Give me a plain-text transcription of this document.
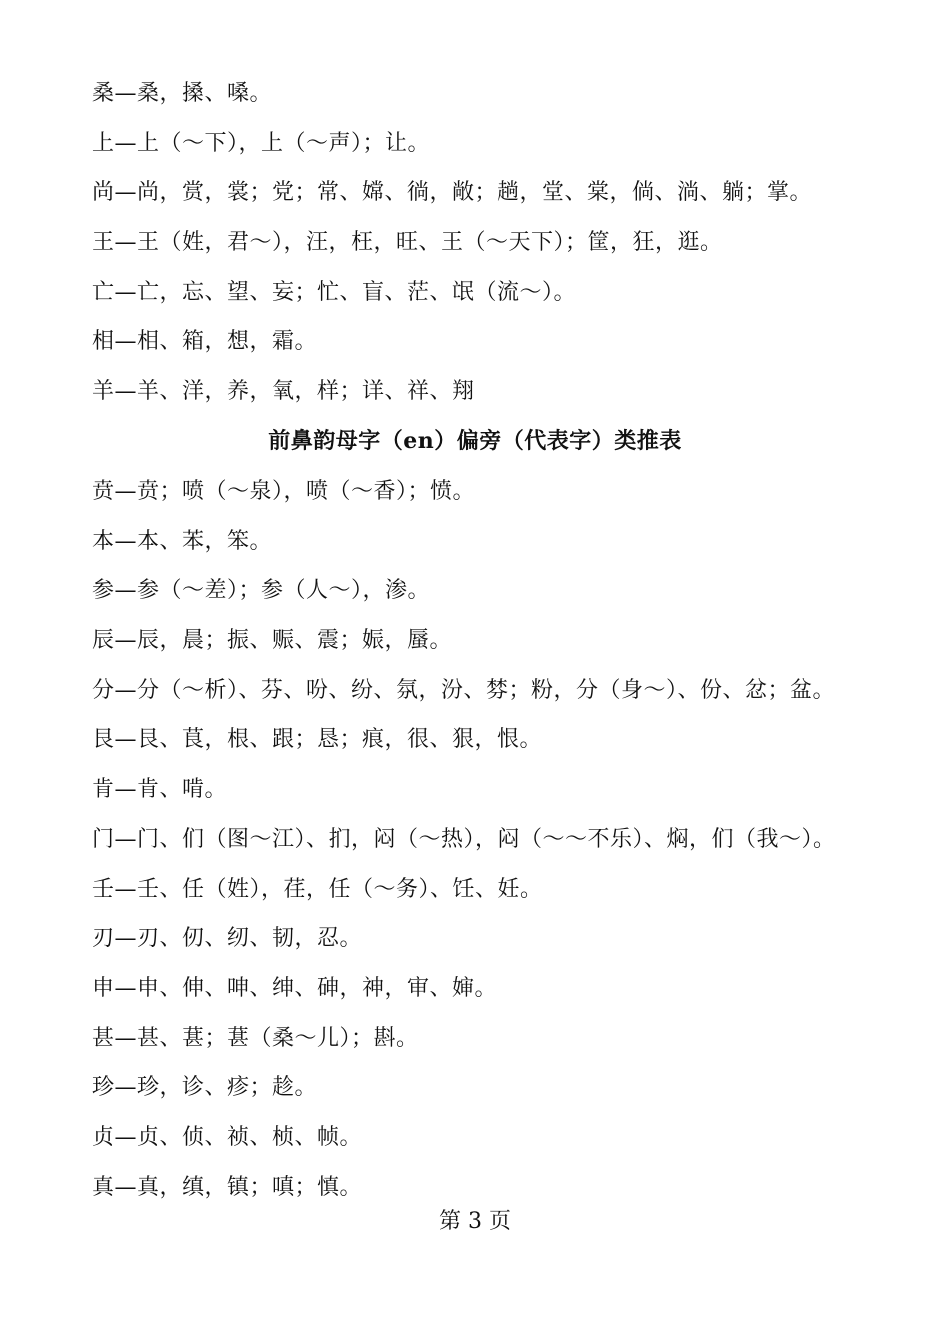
桑—桑，搡、嗓。
上—上（～下），上（～声）；让。
尚—尚，赏，裳；党；常、嫦、徜，敞；趟，堂、棠，倘、淌、躺；掌。
王—王（姓，君～），汪，枉，旺、王（～天下）；筐，狂，逛。
亡—亡，忘、望、妄；忙、盲、茫、氓（流～）。
相—相、箱，想，霜。
羊—羊、洋，养，氧，样；详、祥、翔
前鼻韵母字（en）偏旁（代表字）类推表
贲—贲；喷（～泉），喷（～香）；愤。
本—本、苯，笨。
参—参（～差）；参（人～），渗。
辰—辰，晨；振、赈、震；娠，蜃。
分—分（～析）、芬、吩、纷、氛，汾、棼；粉，分（身～）、份、忿；盆。
艮—艮、茛，根、跟；恳；痕，很、狠，恨。
肯—肯、啃。
门—门、们（图～江）、扪，闷（～热），闷（～～不乐）、焖，们（我～）。
壬—壬、任（姓），荏，任（～务）、饪、妊。
刃—刃、仞、纫、韧，忍。
申—申、伸、呻、绅、砷，神，审、婶。
甚—甚、葚；葚（桑～儿）；斟。
珍—珍，诊、疹；趁。
贞—贞、侦、祯、桢、帧。
真—真，缜，镇；嗔；慎。
第 3 页
